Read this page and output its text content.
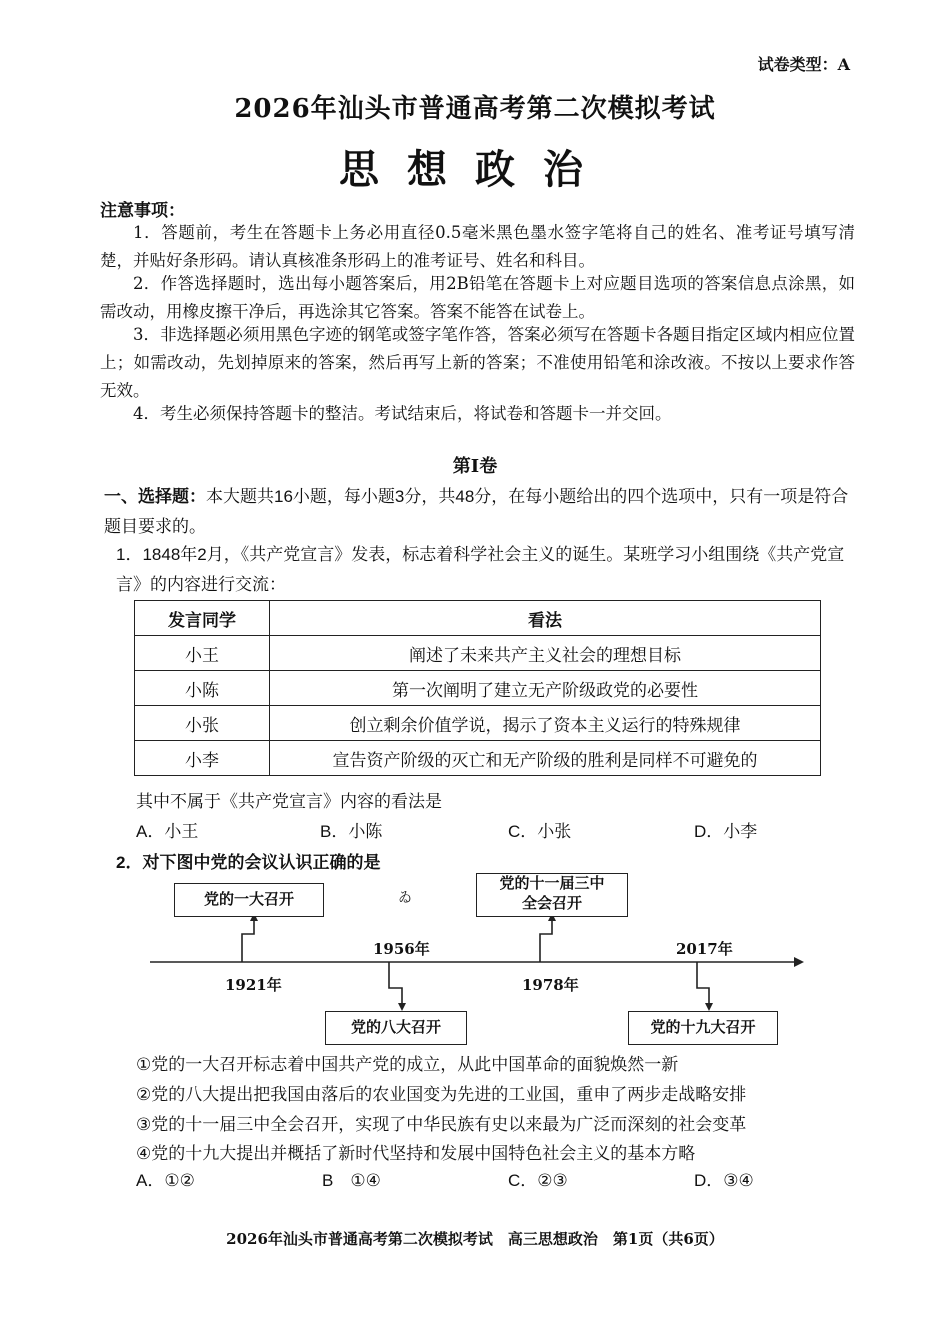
试卷类型：A
2026年汕头市普通高考第二次模拟考试
思想政治
注意事项：
1．答题前，考生在答题卡上务必用直径0.5毫米黑色墨水签字笔将自己的姓名、准考证号填写清楚，并贴好条形码。请认真核准条形码上的准考证号、姓名和科目。
2．作答选择题时，选出每小题答案后，用2B铅笔在答题卡上对应题目选项的答案信息点涂黑，如需改动，用橡皮擦干净后，再选涂其它答案。答案不能答在试卷上。
3．非选择题必须用黑色字迹的钢笔或签字笔作答，答案必须写在答题卡各题目指定区域内相应位置上；如需改动，先划掉原来的答案，然后再写上新的答案；不准使用铅笔和涂改液。不按以上要求作答无效。
4．考生必须保持答题卡的整洁。考试结束后，将试卷和答题卡一并交回。
第Ⅰ卷
一、选择题：本大题共16小题，每小题3分，共48分，在每小题给出的四个选项中，只有一项是符合题目要求的。
1．1848年2月，《共产党宣言》发表，标志着科学社会主义的诞生。某班学习小组围绕《共产党宣言》的内容进行交流：
发言同学	看法
小王	阐述了未来共产主义社会的理想目标
小陈	第一次阐明了建立无产阶级政党的必要性
小张	创立剩余价值学说，揭示了资本主义运行的特殊规律
小李	宣告资产阶级的灭亡和无产阶级的胜利是同样不可避免的
其中不属于《共产党宣言》内容的看法是
A．小王	B．小陈	C．小张	D．小李
2．对下图中党的会议认识正确的是
党的一大召开
党的十一届三中
全会召开
党的八大召开	党的十九大召开
ゐ
1921年
1956年
1978年
2017年
①党的一大召开标志着中国共产党的成立，从此中国革命的面貌焕然一新
②党的八大提出把我国由落后的农业国变为先进的工业国，重申了两步走战略安排
③党的十一届三中全会召开，实现了中华民族有史以来最为广泛而深刻的社会变革
④党的十九大提出并概括了新时代坚持和发展中国特色社会主义的基本方略
A．①②	B　①④	C．②③	D．③④
2026年汕头市普通高考第二次模拟考试　高三思想政治　第1页（共6页）
